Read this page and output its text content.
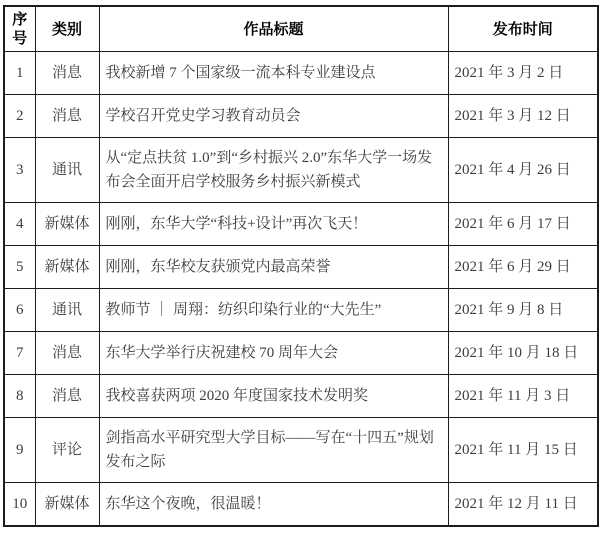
序号	类别	作品标题	发布时间
1	消息	我校新增 7 个国家级一流本科专业建设点	2021 年 3 月 2 日
2	消息	学校召开党史学习教育动员会	2021 年 3 月 12 日
3	通讯	从“定点扶贫 1.0”到“乡村振兴 2.0”东华大学一场发布会全面开启学校服务乡村振兴新模式	2021 年 4 月 26 日
4	新媒体	刚刚，东华大学“科技+设计”再次飞天！	2021 年 6 月 17 日
5	新媒体	刚刚，东华校友获颁党内最高荣誉	2021 年 6 月 29 日
6	通讯	教师节 ｜ 周翔：纺织印染行业的“大先生”	2021 年 9 月 8 日
7	消息	东华大学举行庆祝建校 70 周年大会	2021 年 10 月 18 日
8	消息	我校喜获两项 2020 年度国家技术发明奖	2021 年 11 月 3 日
9	评论	剑指高水平研究型大学目标——写在“十四五”规划发布之际	2021 年 11 月 15 日
10	新媒体	东华这个夜晚，很温暖！	2021 年 12 月 11 日
